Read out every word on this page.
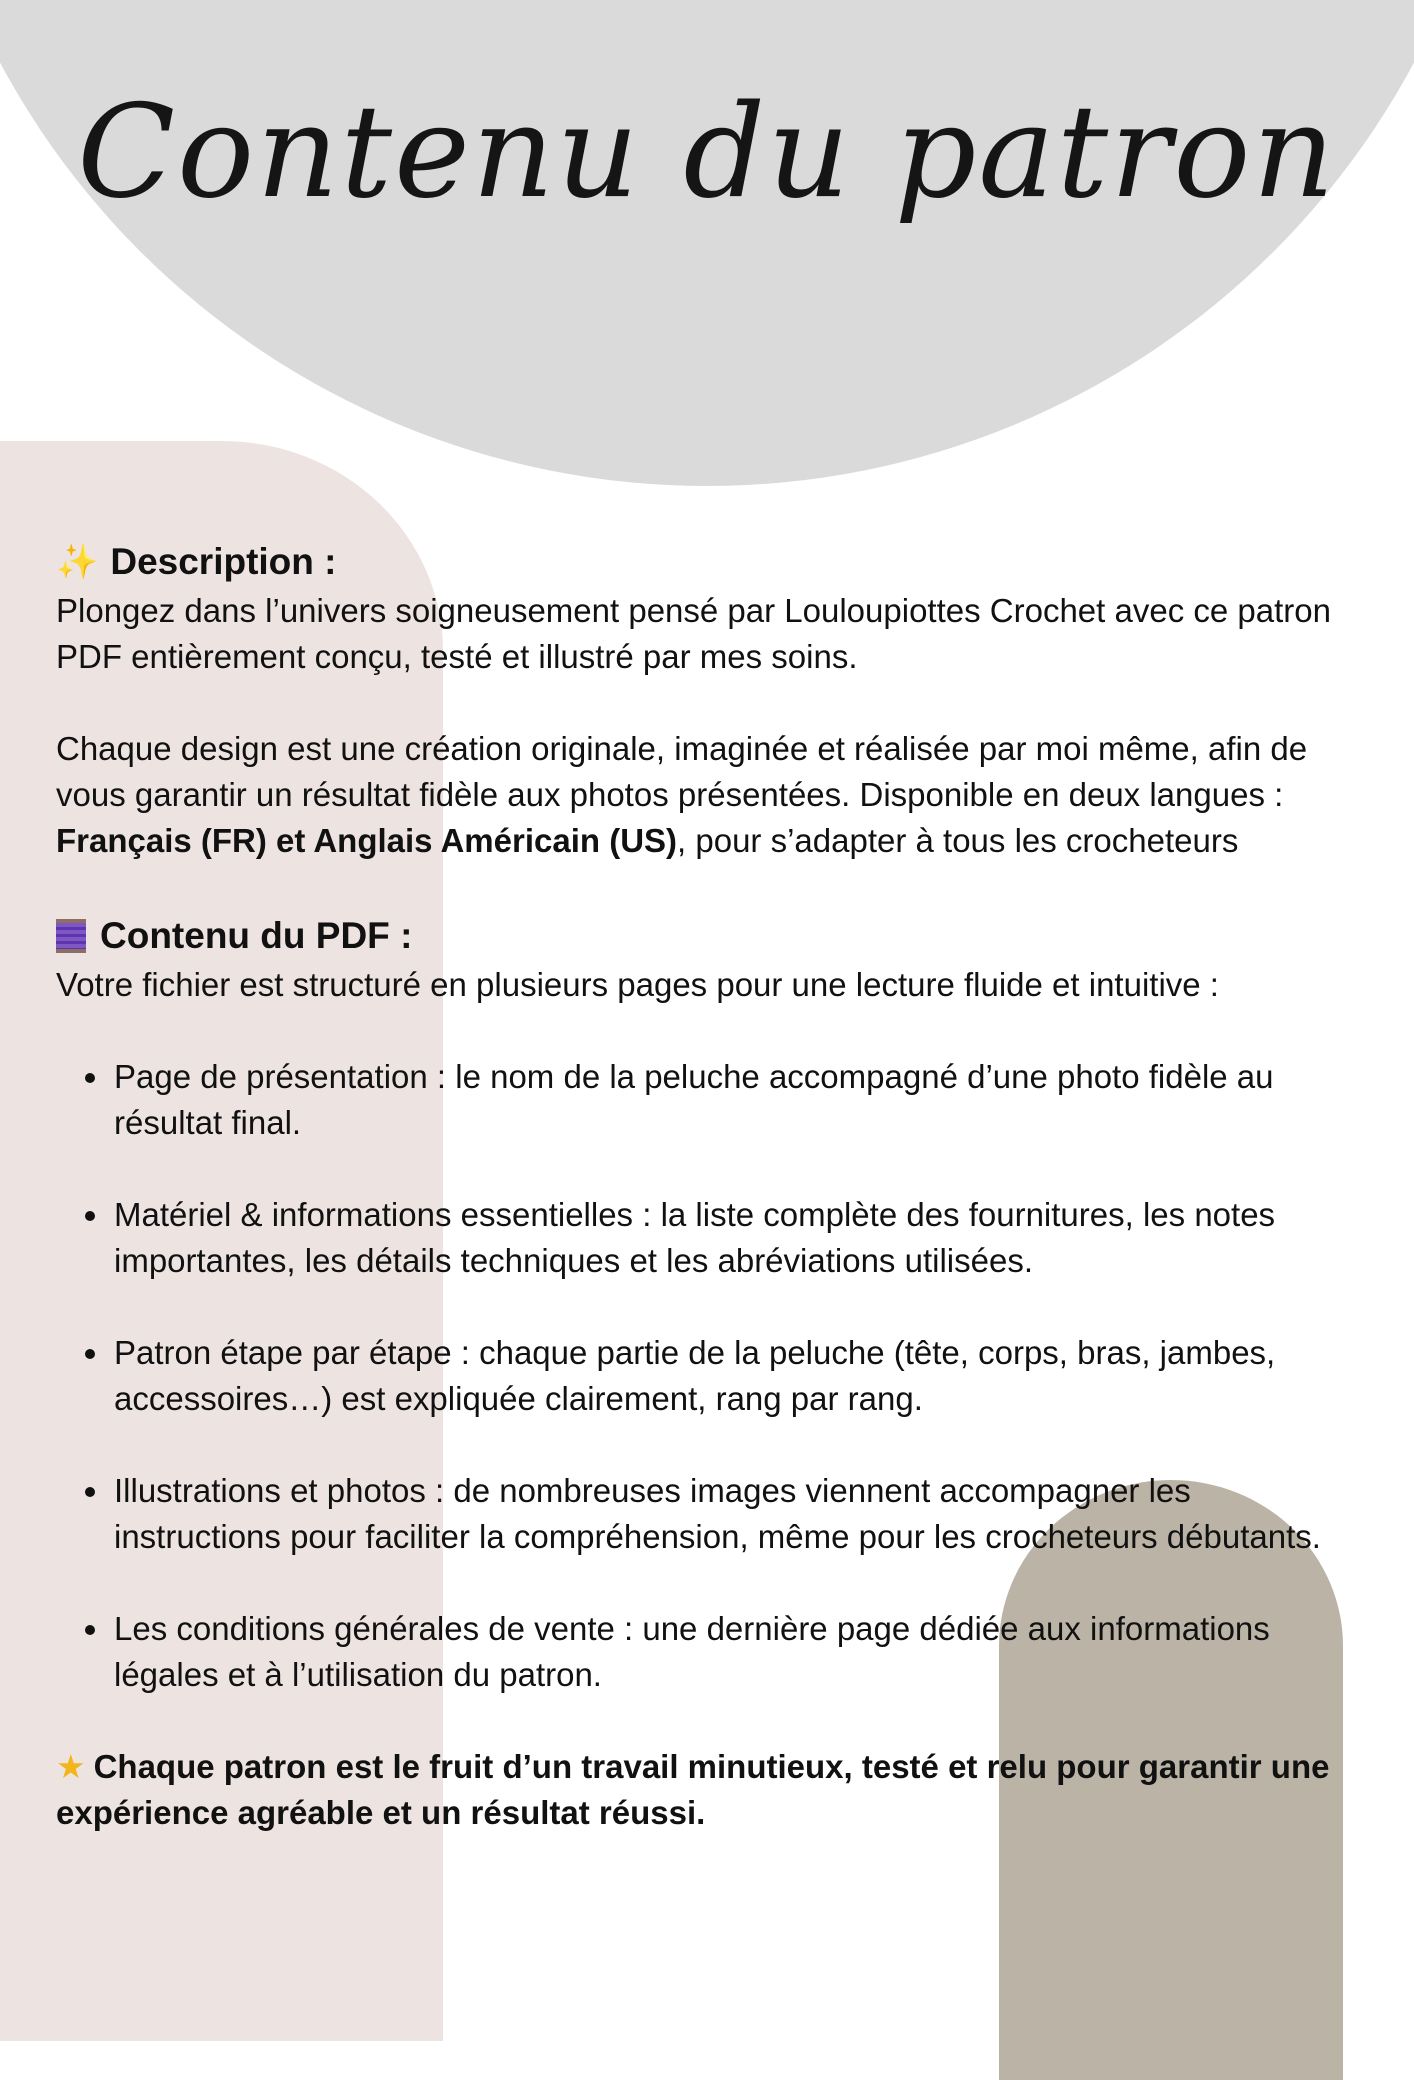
Contenu du patron
✨ Description :

Plongez dans l’univers soigneusement pensé par Louloupiottes Crochet avec ce patron PDF entièrement conçu, testé et illustré par mes soins.

Chaque design est une création originale, imaginée et réalisée par moi même, afin de vous garantir un résultat fidèle aux photos présentées. Disponible en deux langues : Français (FR) et Anglais Américain (US), pour s’adapter à tous les crocheteurs

Contenu du PDF :

Votre fichier est structuré en plusieurs pages pour une lecture fluide et intuitive :

• Page de présentation : le nom de la peluche accompagné d’une photo fidèle au résultat final.
• Matériel & informations essentielles : la liste complète des fournitures, les notes importantes, les détails techniques et les abréviations utilisées.
• Patron étape par étape : chaque partie de la peluche (tête, corps, bras, jambes, accessoires…) est expliquée clairement, rang par rang.
• Illustrations et photos : de nombreuses images viennent accompagner les instructions pour faciliter la compréhension, même pour les crocheteurs débutants.
• Les conditions générales de vente : une dernière page dédiée aux informations légales et à l’utilisation du patron.

★ Chaque patron est le fruit d’un travail minutieux, testé et relu pour garantir une expérience agréable et un résultat réussi.
